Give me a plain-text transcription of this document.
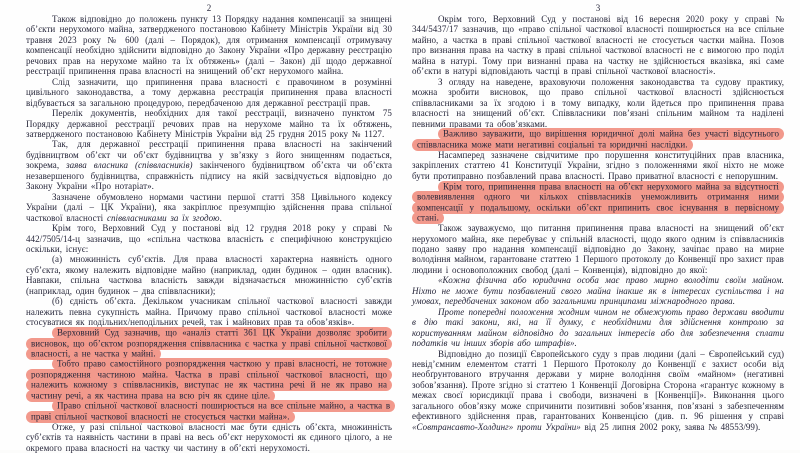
2

Також відповідно до положень пункту 13 Порядку надання компенсації за знищені об’єкти нерухомого майна, затвердженого постановою Кабінету Міністрів України від 30 травня 2023 року № 600 (далі – Порядок), для отримання компенсації отримувачу компенсації необхідно здійснити відповідно до Закону України «Про державну реєстрацію речових прав на нерухоме майно та їх обтяжень» (далі – Закон) дії щодо державної реєстрації припинення права власності на знищений об’єкт нерухомого майна.

Слід зазначити, що припинення права власності є правочином в розумінні цивільного законодавства, а тому державна реєстрація припинення права власності відбувається за загальною процедурою, передбаченою для державної реєстрації прав.

Перелік документів, необхідних для такої реєстрації, визначено пунктом 75 Порядку державної реєстрації речових прав на нерухоме майно та їх обтяжень, затвердженого постановою Кабінету Міністрів України від 25 грудня 2015 року № 1127.

Так, для державної реєстрації припинення права власності на закінчений будівництвом об’єкт чи об’єкт будівництва у зв’язку з його знищенням подається, зокрема, заява власника (співвласників) закінченого будівництвом об’єкта чи об’єкта незавершеного будівництва, справжність підпису на якій засвідчується відповідно до Закону України «Про нотаріат».

Зазначене обумовлено нормами частини першої статті 358 Цивільного кодексу України (далі – ЦК України), яка закріплює презумпцію здійснення права спільної часткової власності співвласниками за їх згодою.

Крім того, Верховний Суд у постанові від 12 грудня 2018 року у справі № 442/7505/14-ц зазначив, що «спільна часткова власність є специфічною конструкцією оскільки, існує:

(а) множинність суб’єктів. Для права власності характерна наявність одного суб’єкта, якому належить відповідне майно (наприклад, один будинок – один власник). Навпаки, спільна часткова власність завжди відзначається множинністю суб’єктів (наприклад, один будинок – два співвласники);

(б) єдність об’єкта. Декільком учасникам спільної часткової власності завжди належить певна сукупність майна. Причому право спільної часткової власності може стосуватися як подільних/неподільних речей, так і майнових прав та обов’язків».

Верховний Суд зазначив, що «аналіз статті 361 ЦК України дозволяє зробити висновок, що об’єктом розпорядження співвласника є частка у праві спільної часткової власності, а не частка у майні.

Тобто право самостійного розпорядження часткою у праві власності, не тотожне розпорядження частиною майна. Частка в праві спільної часткової власності, що належить кожному з співвласників, виступає не як частина речі й не як право на частину речі, а як частина права на всю річ як єдине ціле.

Право спільної часткової власності поширюється на все спільне майно, а частка в праві спільної часткової власності не стосується частки майна».

Отже, у разі спільної часткової власності має бути єдність об’єкта, множинність суб’єктів та наявність частини в праві на весь об’єкт нерухомості як єдиного цілого, а не окремого права власності на частку чи частину в об’єкті нерухомості.

3

Окрім того, Верховний Суд у постанові від 16 вересня 2020 року у справі № 344/5437/17 зазначив, що «право спільної часткової власності поширюється на все спільне майно, а частка в праві спільної часткової власності не стосується частки майна. Позов про визнання права на частку в праві спільної часткової власності не є вимогою про поділ майна в натурі. Тому при визнанні права на частку не здійснюється вказівка, які саме об’єкти в натурі відповідають частці в праві спільної часткової власності».

З огляду на наведене, враховуючи положення законодавства та судову практику, можна зробити висновок, що право спільної часткової власності здійснюється співвласниками за їх згодою і в тому випадку, коли йдеться про припинення права власності на знищений об’єкт. Співвласники пов’язані спільним майном та наділені певними правами та обов’язками.

Важливо зауважити, що вирішення юридичної долі майна без участі відсутнього співвласника може мати негативні соціальні та юридичні наслідки.

Насамперед зазначене свідчитиме про порушення конституційних прав власника, закріплених статтею 41 Конституції України, згідно з положеннями якої ніхто не може бути протиправно позбавлений права власності. Право приватної власності є непорушним.

Крім того, припинення права власності на об’єкт нерухомого майна за відсутності волевиявлення одного чи кількох співвласників унеможливить отримання ними компенсації у подальшому, оскільки об’єкт припинить своє існування в первісному стані.

Також зауважуємо, що питання припинення права власності на знищений об’єкт нерухомого майна, яке перебуває у спільній власності, щодо якого одним із співвласників подано заяву про надання компенсації відповідно до Закону, зачіпає право на мирне володіння майном, гарантоване статтею 1 Першого протоколу до Конвенції про захист прав людини і основоположних свобод (далі – Конвенція), відповідно до якої:

«Кожна фізична або юридична особа має право мирно володіти своїм майном. Ніхто не може бути позбавлений свого майна інакше як в інтересах суспільства і на умовах, передбачених законом або загальними принципами міжнародного права.

Проте попередні положення жодним чином не обмежують право держави вводити в дію такі закони, які, на її думку, є необхідними для здійснення контролю за користуванням майном відповідно до загальних інтересів або для забезпечення сплати податків чи інших зборів або штрафів».

Відповідно до позиції Європейського суду з прав людини (далі – Європейський суд) невід’ємним елементом статті 1 Першого Протоколу до Конвенції є захист особи від необґрунтованого втручання держави у мирне володіння своїм «майном» (негативні зобов’язання). Проте згідно зі статтею 1 Конвенції Договірна Сторона «гарантує кожному в межах своєї юрисдикції права і свободи, визначені в [Конвенції]». Виконання цього загального обов’язку може спричинити позитивні зобов’язання, пов’язані з забезпеченням ефективного здійснення прав, гарантованих Конвенцією (див. п. 96 рішення у справі «Совтрансавто-Холдинг» проти України» від 25 липня 2002 року, заява № 48553/99).
